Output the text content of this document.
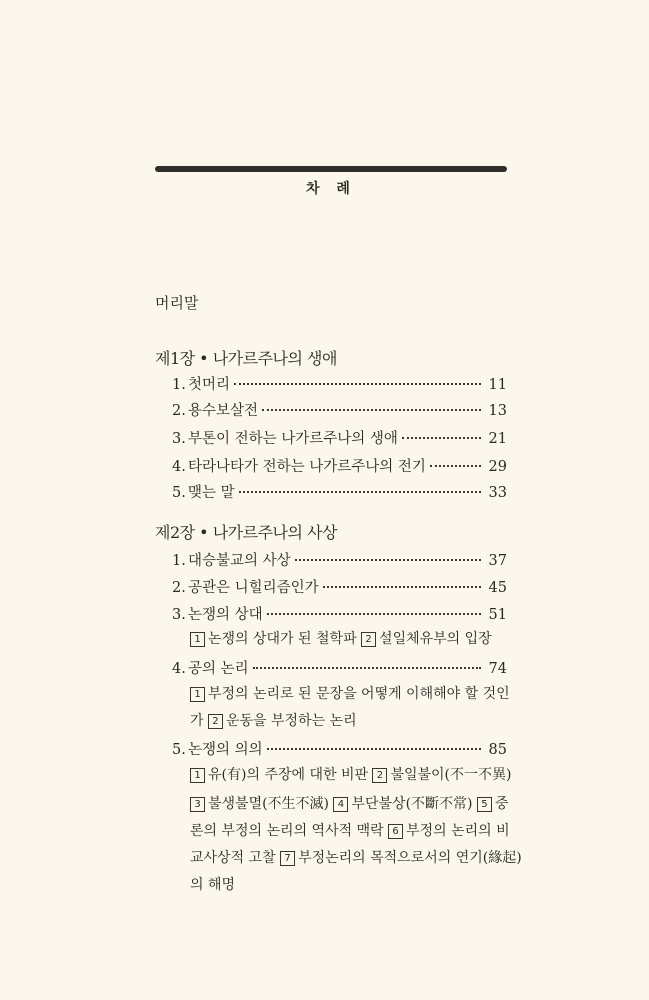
차 례
머리말
제1장 • 나가르주나의 생애
1. 첫머리	11
2. 용수보살전	13
3. 부톤이 전하는 나가르주나의 생애	21
4. 타라나타가 전하는 나가르주나의 전기	29
5. 맺는 말	33
제2장 • 나가르주나의 사상
1. 대승불교의 사상	37
2. 공관은 니힐리즘인가	45
3. 논쟁의 상대	51
1 논쟁의 상대가 된 철학파 2 설일체유부의 입장
4. 공의 논리	74
1 부정의 논리로 된 문장을 어떻게 이해해야 할 것인
가 2 운동을 부정하는 논리
5. 논쟁의 의의	85
1 유(有)의 주장에 대한 비판 2 불일불이(不一不異)
3 불생불멸(不生不滅) 4 부단불상(不斷不常) 5 중
론의 부정의 논리의 역사적 맥락 6 부정의 논리의 비
교사상적 고찰 7 부정논리의 목적으로서의 연기(緣起)
의 해명
